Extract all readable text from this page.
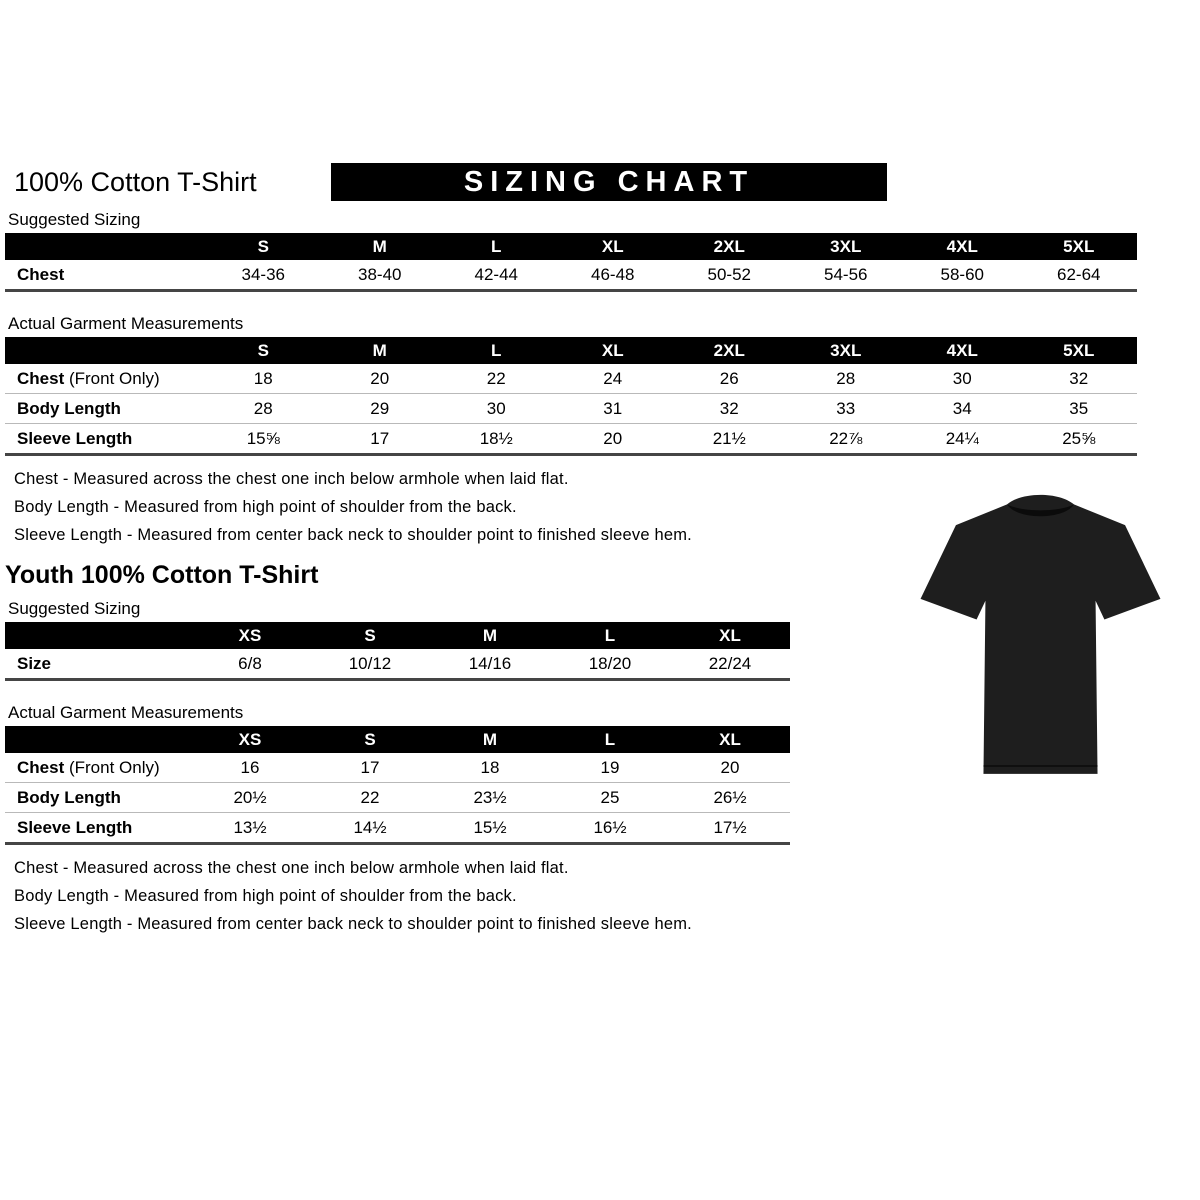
100% Cotton T-Shirt	SIZING CHART
Suggested Sizing
	S	M	L	XL	2XL	3XL	4XL	5XL
Chest	34-36	38-40	42-44	46-48	50-52	54-56	58-60	62-64
Actual Garment Measurements
	S	M	L	XL	2XL	3XL	4XL	5XL
Chest (Front Only)	18	20	22	24	26	28	30	32
Body Length	28	29	30	31	32	33	34	35
Sleeve Length	15⅝	17	18½	20	21½	22⅞	24¼	25⅝

Chest - Measured across the chest one inch below armhole when laid flat.

Body Length - Measured from high point of shoulder from the back.

Sleeve Length - Measured from center back neck to shoulder point to finished sleeve hem.

Youth 100% Cotton T-Shirt
Suggested Sizing
	XS	S	M	L	XL
Size	6/8	10/12	14/16	18/20	22/24
Actual Garment Measurements
	XS	S	M	L	XL
Chest (Front Only)	16	17	18	19	20
Body Length	20½	22	23½	25	26½
Sleeve Length	13½	14½	15½	16½	17½

Chest - Measured across the chest one inch below armhole when laid flat.

Body Length - Measured from high point of shoulder from the back.

Sleeve Length - Measured from center back neck to shoulder point to finished sleeve hem.
